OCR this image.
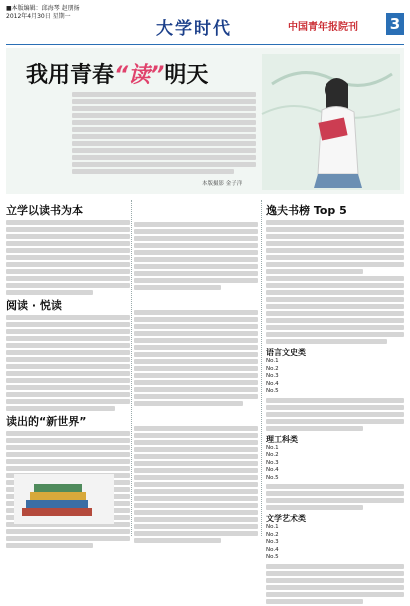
■本版编辑：邱海琴 赵朋扬
2012年4月30日 星期一
大学时代	中国青年报院刊 3
我用青春“读”明天
本版摄影 金子洋
立学以读书为本
阅读 · 悦读
读出的“新世界”
逸夫书榜 Top 5
语言文史类
No.1
No.2
No.3
No.4
No.5
理工科类
No.1
No.2
No.3
No.4
No.5
文学艺术类
No.1
No.2
No.3
No.4
No.5
